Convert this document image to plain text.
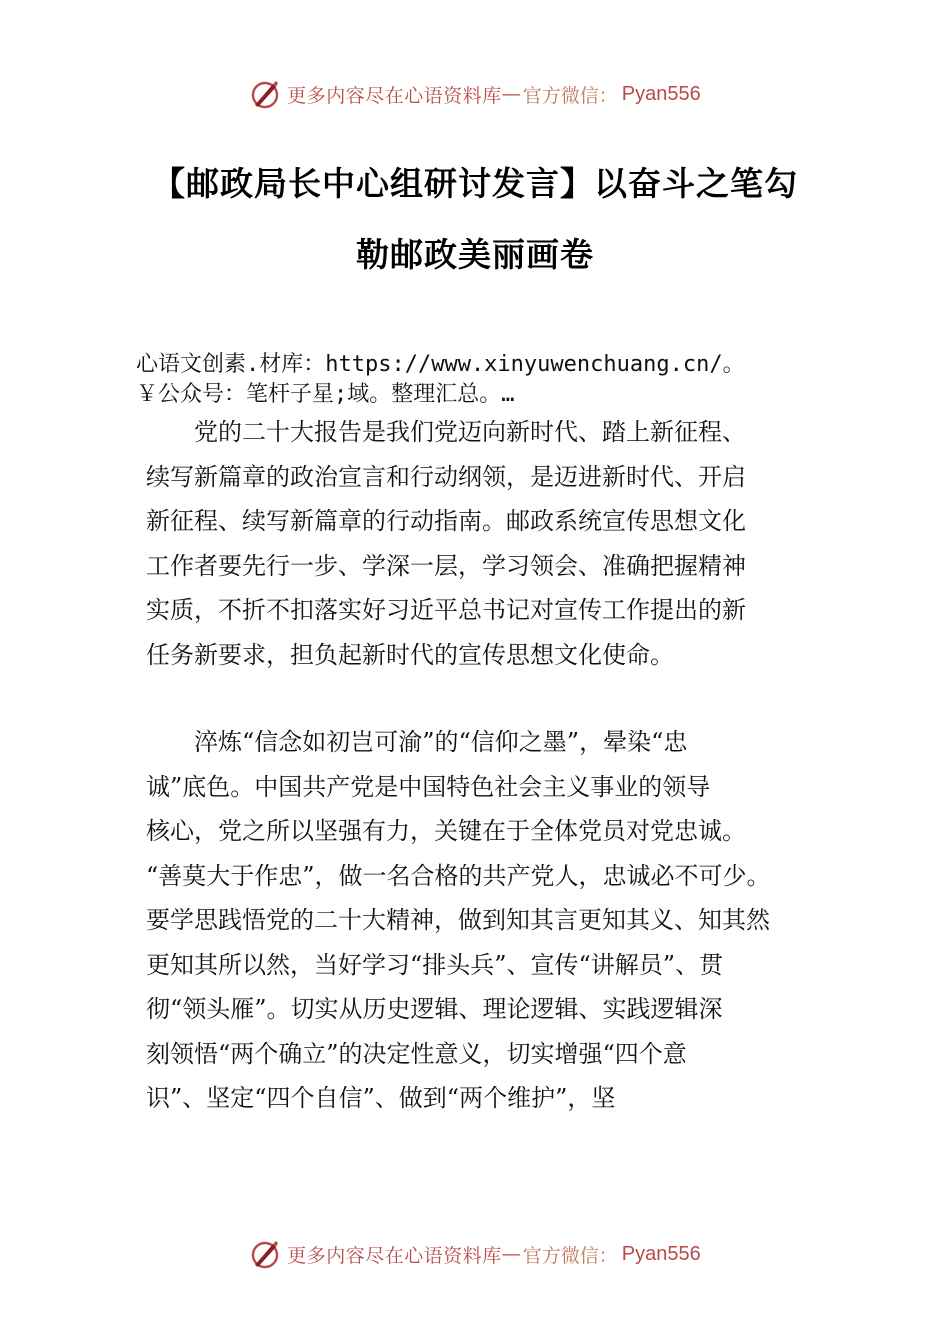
更多内容尽在心语资料库 — 官方微信： Pyan556
【邮政局长中心组研讨发言】以奋斗之笔勾
勒邮政美丽画卷
心语文创素.材库：https://www.xinyuwenchuang.cn/。
￥公众号：笔杆子星;域。整理汇总。…
　　党的二十大报告是我们党迈向新时代、踏上新征程、
续写新篇章的政治宣言和行动纲领，是迈进新时代、开启
新征程、续写新篇章的行动指南。邮政系统宣传思想文化
工作者要先行一步、学深一层，学习领会、准确把握精神
实质，不折不扣落实好习近平总书记对宣传工作提出的新
任务新要求，担负起新时代的宣传思想文化使命。
　　淬炼“信念如初岂可渝”的“信仰之墨”，晕染“忠
诚”底色。中国共产党是中国特色社会主义事业的领导
核心，党之所以坚强有力，关键在于全体党员对党忠诚。
“善莫大于作忠”，做一名合格的共产党人，忠诚必不可少。
要学思践悟党的二十大精神，做到知其言更知其义、知其然
更知其所以然，当好学习“排头兵”、宣传“讲解员”、贯
彻“领头雁”。切实从历史逻辑、理论逻辑、实践逻辑深
刻领悟“两个确立”的决定性意义，切实增强“四个意
识”、坚定“四个自信”、做到“两个维护”，坚
更多内容尽在心语资料库 — 官方微信： Pyan556
